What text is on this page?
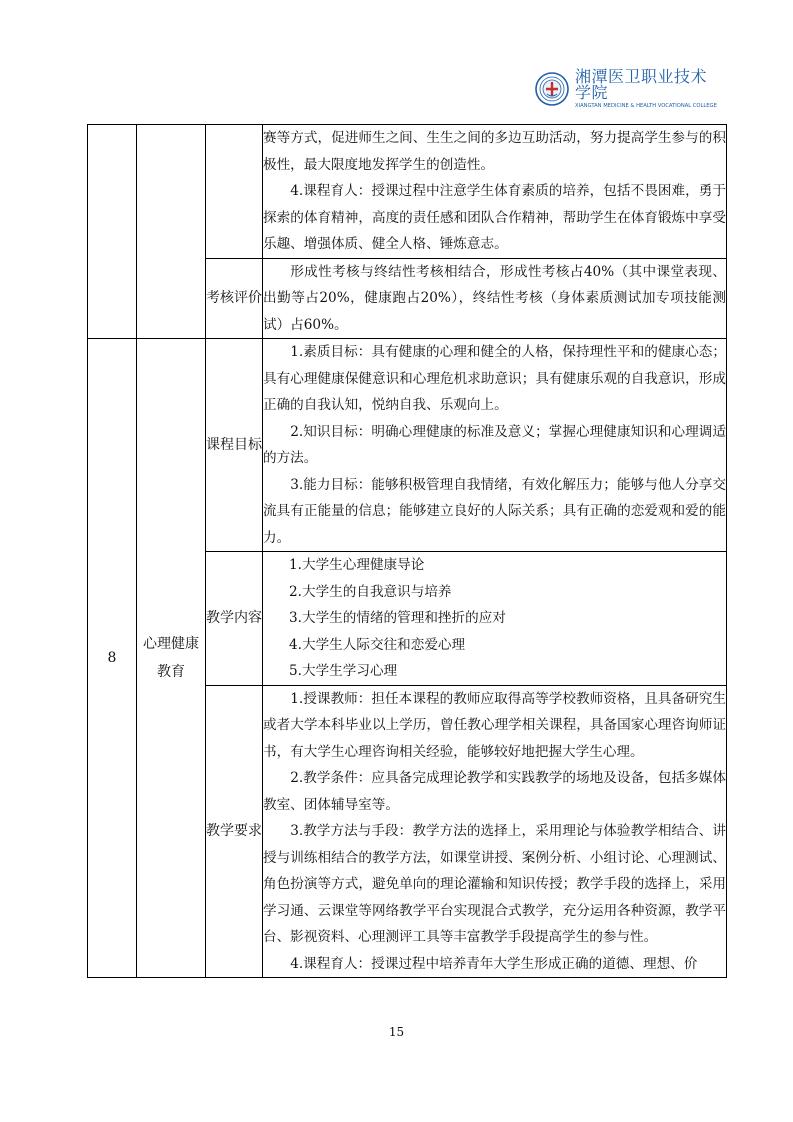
湘潭医卫职业技术学院
XIANGTAN MEDICINE & HEALTH VOCATIONAL COLLEGE

			赛等方式，促进师生之间、生生之间的多边互助活动，努力提高学生参与的积极性，最大限度地发挥学生的创造性。

4.课程育人：授课过程中注意学生体育素质的培养，包括不畏困难，勇于探索的体育精神，高度的责任感和团队合作精神，帮助学生在体育锻炼中享受乐趣、增强体质、健全人格、锤炼意志。

		考核评价	形成性考核与终结性考核相结合，形成性考核占40%（其中课堂表现、出勤等占20%，健康跑占20%），终结性考核（身体素质测试加专项技能测试）占60%。

8	心理健康教育	课程目标	1.素质目标：具有健康的心理和健全的人格，保持理性平和的健康心态；具有心理健康保健意识和心理危机求助意识；具有健康乐观的自我意识，形成正确的自我认知，悦纳自我、乐观向上。

2.知识目标：明确心理健康的标准及意义；掌握心理健康知识和心理调适的方法。

3.能力目标：能够积极管理自我情绪，有效化解压力；能够与他人分享交流具有正能量的信息；能够建立良好的人际关系；具有正确的恋爱观和爱的能力。

		教学内容	1.大学生心理健康导论

2.大学生的自我意识与培养

3.大学生的情绪的管理和挫折的应对

4.大学生人际交往和恋爱心理

5.大学生学习心理

		教学要求	1.授课教师：担任本课程的教师应取得高等学校教师资格，且具备研究生或者大学本科毕业以上学历，曾任教心理学相关课程，具备国家心理咨询师证书，有大学生心理咨询相关经验，能够较好地把握大学生心理。

2.教学条件：应具备完成理论教学和实践教学的场地及设备，包括多媒体教室、团体辅导室等。

3.教学方法与手段：教学方法的选择上，采用理论与体验教学相结合、讲授与训练相结合的教学方法，如课堂讲授、案例分析、小组讨论、心理测试、角色扮演等方式，避免单向的理论灌输和知识传授；教学手段的选择上，采用学习通、云课堂等网络教学平台实现混合式教学，充分运用各种资源，教学平台、影视资料、心理测评工具等丰富教学手段提高学生的参与性。

4.课程育人：授课过程中培养青年大学生形成正确的道德、理想、价

15
